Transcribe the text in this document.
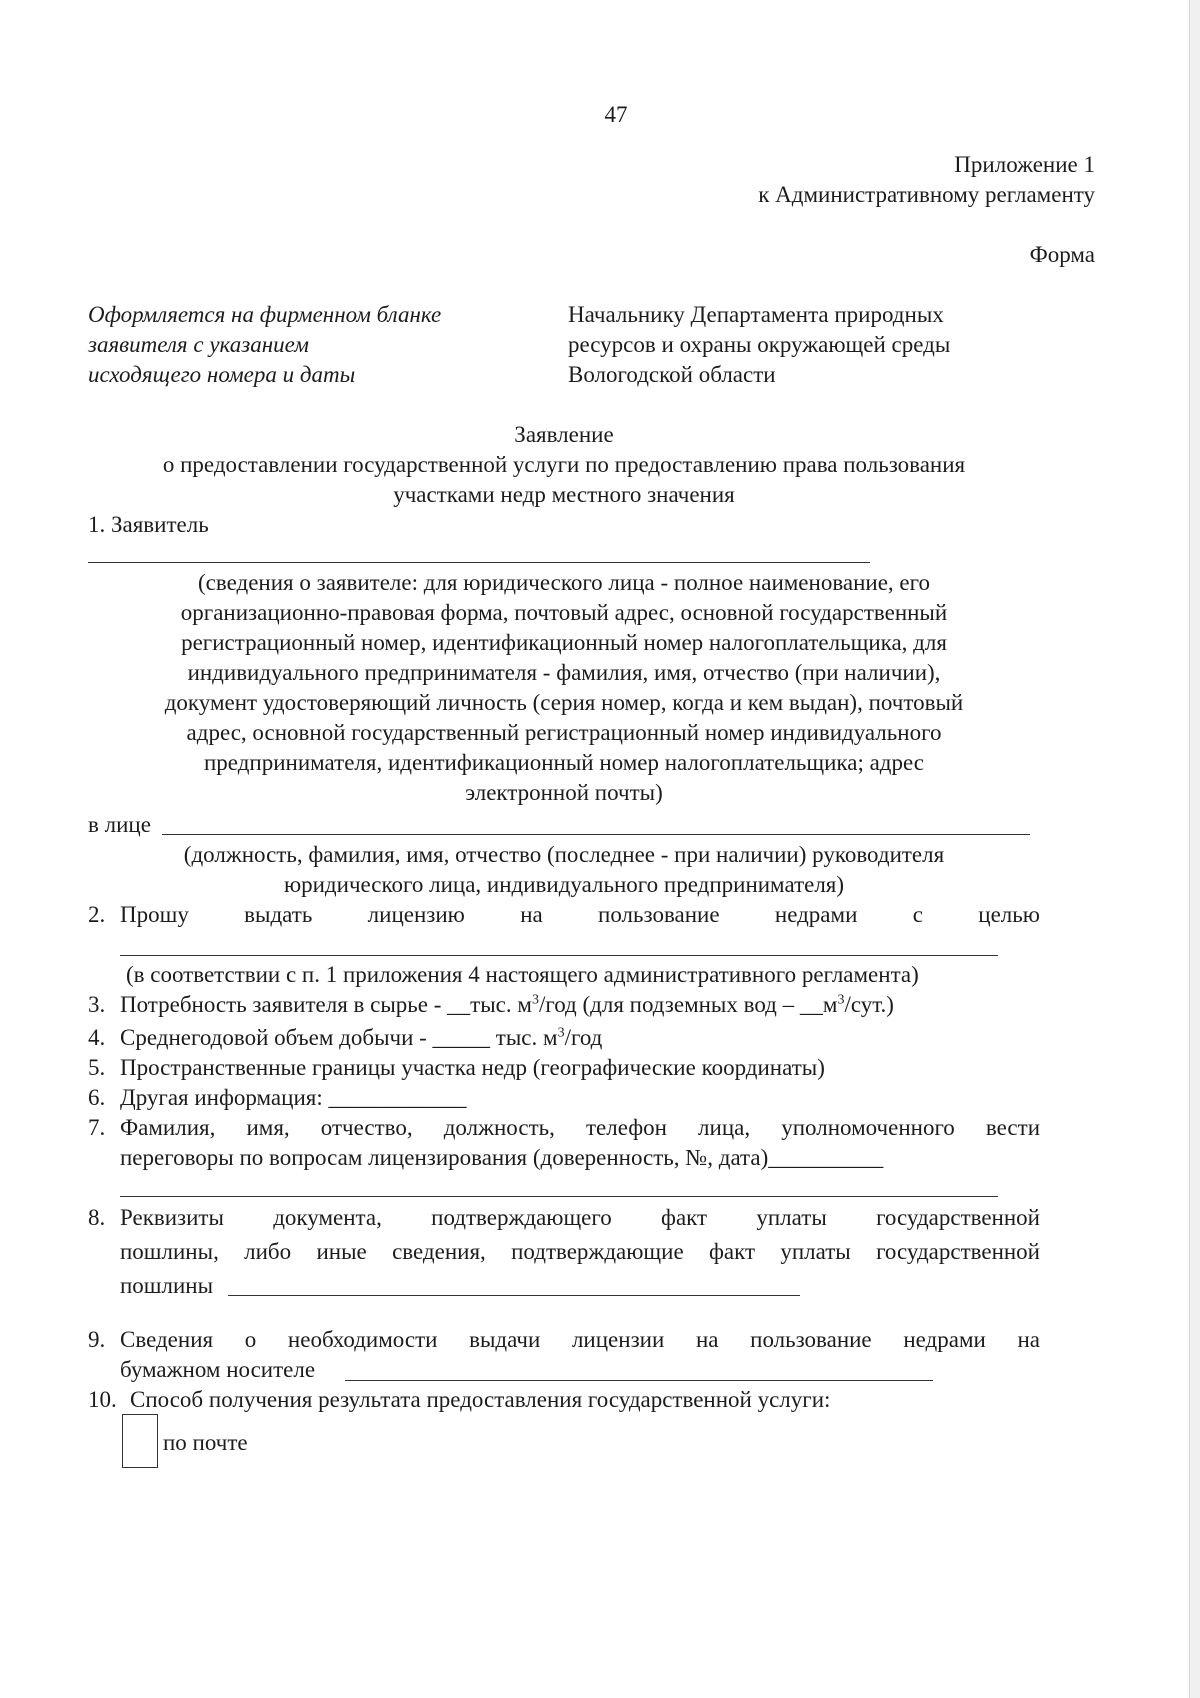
47
Приложение 1
к Административному регламенту
Форма
Оформляется на фирменном бланке
заявителя с указанием
исходящего номера и даты
Начальнику Департамента природных
ресурсов и охраны окружающей среды
Вологодской области
Заявление
о предоставлении государственной услуги по предоставлению права пользования
участками недр местного значения
1. Заявитель
(сведения о заявителе: для юридического лица - полное наименование, его
организационно-правовая форма, почтовый адрес, основной государственный
регистрационный номер, идентификационный номер налогоплательщика, для
индивидуального предпринимателя - фамилия, имя, отчество (при наличии),
документ удостоверяющий личность (серия номер, когда и кем выдан), почтовый
адрес, основной государственный регистрационный номер индивидуального
предпринимателя, идентификационный номер налогоплательщика; адрес
электронной почты)
в лице
(должность, фамилия, имя, отчество (последнее - при наличии) руководителя
юридического лица, индивидуального предпринимателя)
2. Прошу выдать лицензию на пользование недрами с целью
(в соответствии с п. 1 приложения 4 настоящего административного регламента)
3. Потребность заявителя в сырье - __тыс. $м^3$/год (для подземных вод – $\_\_м^3/сут$.)
4. Среднегодовой объем добычи - _____ тыс. $м^3$/год
5. Пространственные границы участка недр (географические координаты)
6. Другая информация: ____________
7. Фамилия, имя, отчество, должность, телефон лица, уполномоченного вести
переговоры по вопросам лицензирования (доверенность, №, дата)__________
8. Реквизиты документа, подтверждающего факт уплаты государственной
пошлины, либо иные сведения, подтверждающие факт уплаты государственной
пошлины
9. Сведения о необходимости выдачи лицензии на пользование недрами на
бумажном носителе
10. Способ получения результата предоставления государственной услуги:
по почте
